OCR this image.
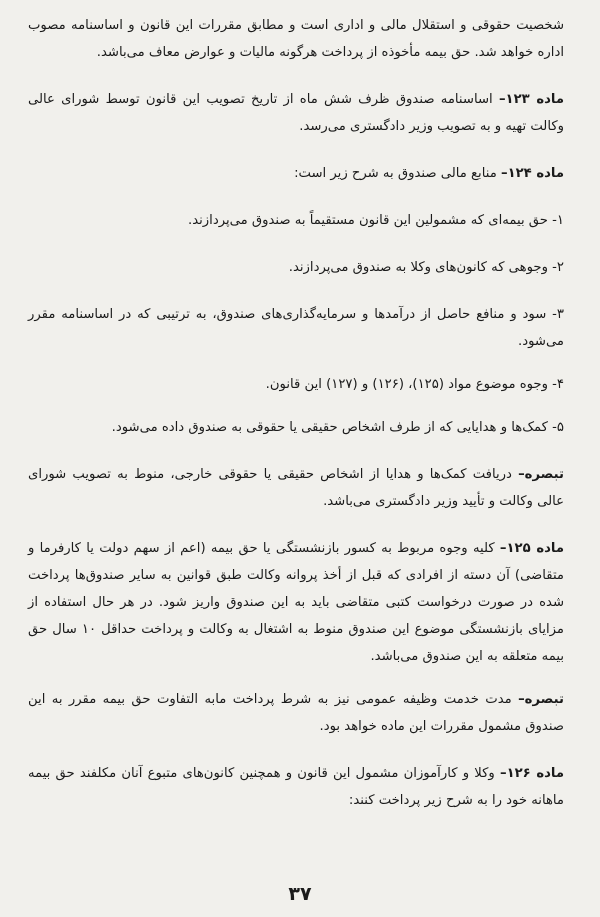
شخصیت حقوقی و استقلال مالی و اداری است و مطابق مقررات این قانون و اساسنامه مصوب اداره خواهد شد. حق بیمه مأخوذه از پرداخت هرگونه مالیات و عوارض معاف می‌باشد.

ماده ۱۲۳– اساسنامه صندوق ظرف شش ماه از تاریخ تصویب این قانون توسط شورای عالی وکالت تهیه و به تصویب وزیر دادگستری می‌رسد.

ماده ۱۲۴– منابع مالی صندوق به شرح زیر است:

۱- حق بیمه‌ای که مشمولین این قانون مستقیماً به صندوق می‌پردازند.

۲- وجوهی که کانون‌های وکلا به صندوق می‌پردازند.

۳- سود و منافع حاصل از درآمدها و سرمایه‌گذاری‌های صندوق، به ترتیبی که در اساسنامه مقرر می‌شود.

۴- وجوه موضوع مواد (۱۲۵)، (۱۲۶) و (۱۲۷) این قانون.

۵- کمک‌ها و هدایایی که از طرف اشخاص حقیقی یا حقوقی به صندوق داده می‌شود.

تبصره– دریافت کمک‌ها و هدایا از اشخاص حقیقی یا حقوقی خارجی، منوط به تصویب شورای عالی وکالت و تأیید وزیر دادگستری می‌باشد.

ماده ۱۲۵– کلیه وجوه مربوط به کسور بازنشستگی یا حق بیمه (اعم از سهم دولت یا کارفرما و متقاضی) آن دسته از افرادی که قبل از أخذ پروانه وکالت طبق قوانین به سایر صندوق‌ها پرداخت شده در صورت درخواست کتبی متقاضی باید به این صندوق واریز شود. در هر حال استفاده از مزایای بازنشستگی موضوع این صندوق منوط به اشتغال به وکالت و پرداخت حداقل ۱۰ سال حق بیمه متعلقه به این صندوق می‌باشد.

تبصره– مدت خدمت وظیفه عمومی نیز به شرط پرداخت مابه التفاوت حق بیمه مقرر به این صندوق مشمول مقررات این ماده خواهد بود.

ماده ۱۲۶– وکلا و کارآموزان مشمول این قانون و همچنین کانون‌های متبوع آنان مکلفند حق بیمه ماهانه خود را به شرح زیر پرداخت کنند:

۳۷
